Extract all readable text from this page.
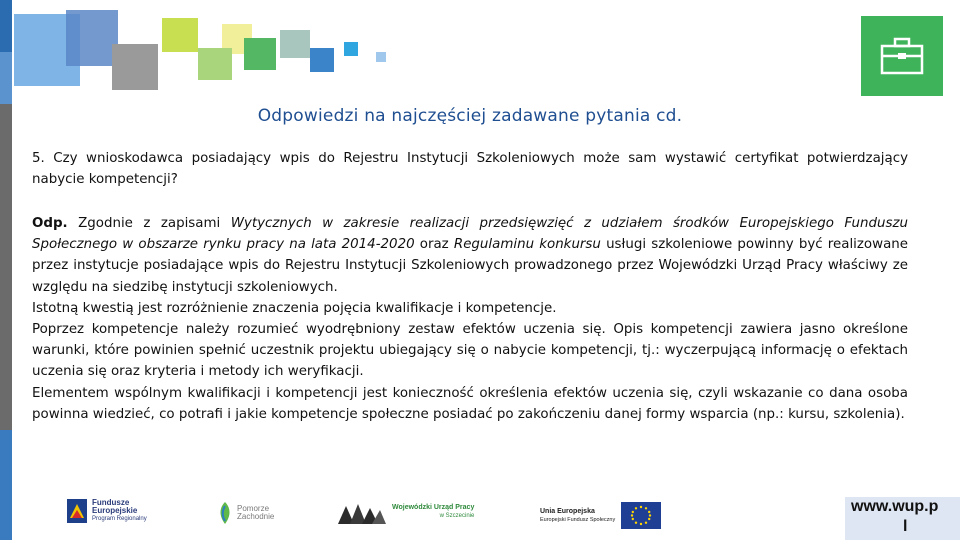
Odpowiedzi na najczęściej zadawane pytania cd.
5. Czy wnioskodawca posiadający wpis do Rejestru Instytucji Szkoleniowych może sam wystawić certyfikat potwierdzający nabycie kompetencji?

Odp. Zgodnie z zapisami Wytycznych w zakresie realizacji przedsięwzięć z udziałem środków Europejskiego Funduszu Społecznego w obszarze rynku pracy na lata 2014-2020 oraz Regulaminu konkursu usługi szkoleniowe powinny być realizowane przez instytucje posiadające wpis do Rejestru Instytucji Szkoleniowych prowadzonego przez Wojewódzki Urząd Pracy właściwy ze względu na siedzibę instytucji szkoleniowych.

Istotną kwestią jest rozróżnienie znaczenia pojęcia kwalifikacje i kompetencje.

Poprzez kompetencje należy rozumieć wyodrębniony zestaw efektów uczenia się. Opis kompetencji zawiera jasno określone warunki, które powinien spełnić uczestnik projektu ubiegający się o nabycie kompetencji, tj.: wyczerpującą informację o efektach uczenia się oraz kryteria i metody ich weryfikacji.

Elementem wspólnym kwalifikacji i kompetencji jest konieczność określenia efektów uczenia się, czyli wskazanie co dana osoba powinna wiedzieć, co potrafi i jakie kompetencje społeczne posiadać po zakończeniu danej formy wsparcia (np.: kursu, szkolenia).

Fundusze
Europejskie
Program Regionalny
Pomorze
Zachodnie
Wojewódzki Urząd Pracy
w Szczecinie
Unia Europejska
Europejski Fundusz Społeczny
www.wup.p
l
